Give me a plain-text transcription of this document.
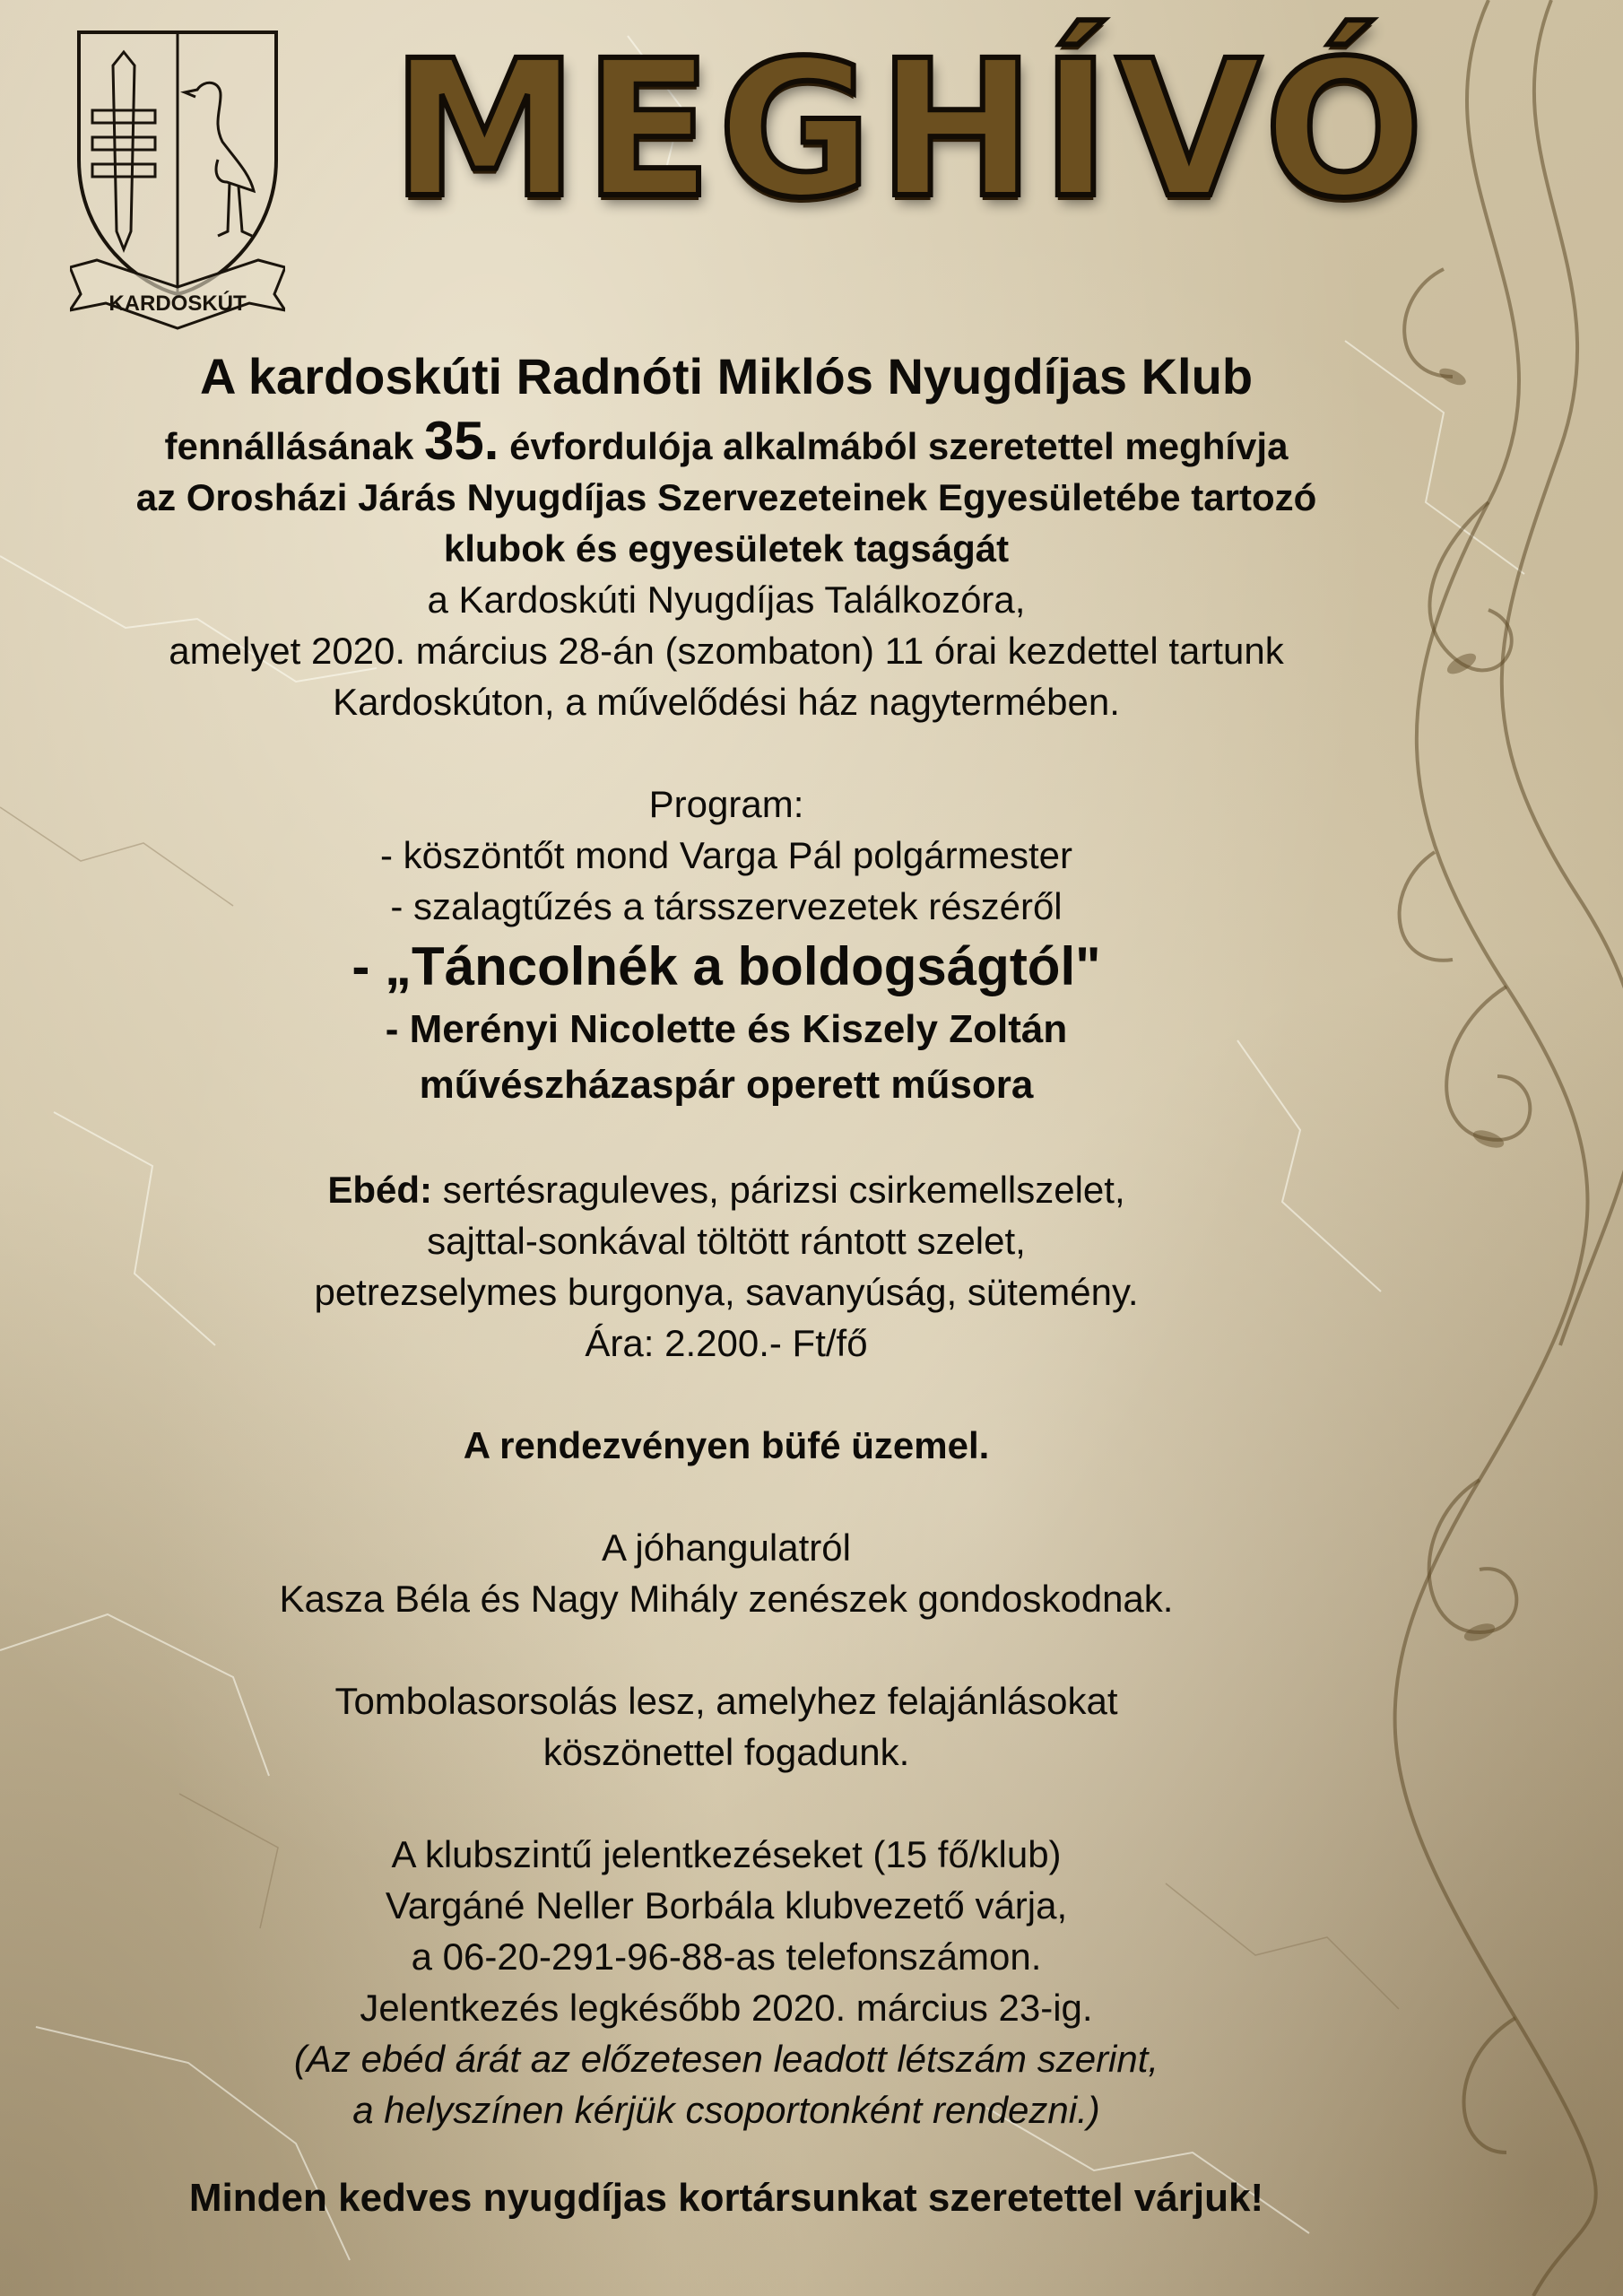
KARDOSKÚT
MEGHÍVÓ
A kardoskúti Radnóti Miklós Nyugdíjas Klub
fennállásának 35. évfordulója alkalmából szeretettel meghívja
az Orosházi Járás Nyugdíjas Szervezeteinek Egyesületébe tartozó
klubok és egyesületek tagságát
a Kardoskúti Nyugdíjas Találkozóra,
amelyet 2020. március 28-án (szombaton) 11 órai kezdettel tartunk
Kardoskúton, a művelődési ház nagytermében.
Program:
- köszöntőt mond Varga Pál polgármester
- szalagtűzés a társszervezetek részéről
- „Táncolnék a boldogságtól"
- Merényi Nicolette és Kiszely Zoltán
művészházaspár operett műsora
Ebéd: sertésraguleves, párizsi csirkemellszelet,
sajttal-sonkával töltött rántott szelet,
petrezselymes burgonya, savanyúság, sütemény.
Ára: 2.200.- Ft/fő
A rendezvényen büfé üzemel.
A jóhangulatról
Kasza Béla és Nagy Mihály zenészek gondoskodnak.
Tombolasorsolás lesz, amelyhez felajánlásokat
köszönettel fogadunk.
A klubszintű jelentkezéseket (15 fő/klub)
Vargáné Neller Borbála klubvezető várja,
a 06-20-291-96-88-as telefonszámon.
Jelentkezés legkésőbb 2020. március 23-ig.
(Az ebéd árát az előzetesen leadott létszám szerint,
a helyszínen kérjük csoportonként rendezni.)
Minden kedves nyugdíjas kortársunkat szeretettel várjuk!
